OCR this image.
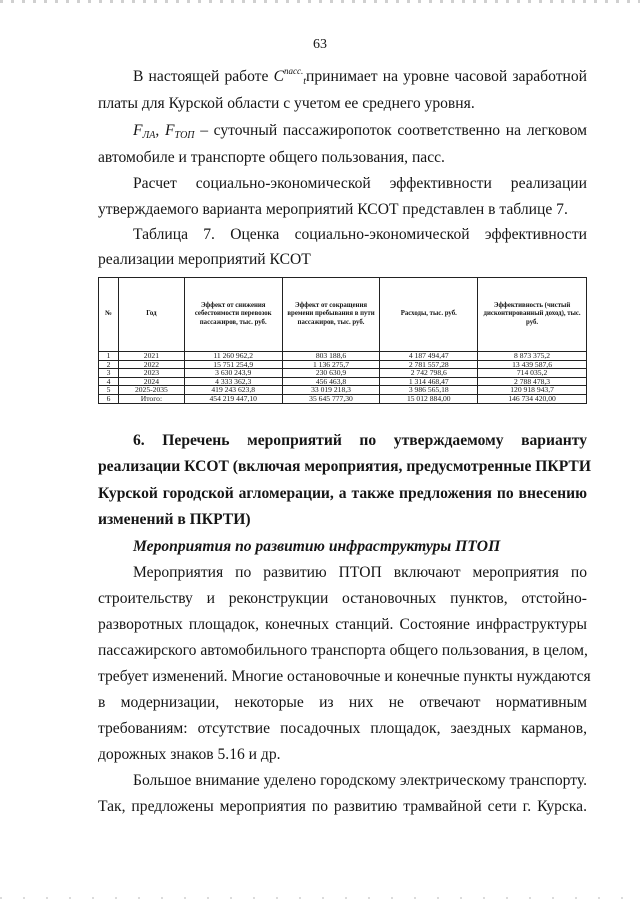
63
В настоящей работе $C^{пасс.}_tпринимает$ на уровне часовой заработной
платы для Курской области с учетом ее среднего уровня.
$F_{ЛА}$, $F_{ТОП}$ – суточный пассажиропоток соответственно на легковом
автомобиле и транспорте общего пользования, пасс.
Расчет социально-экономической эффективности реализации
утверждаемого варианта мероприятий КСОТ представлен в таблице 7.
Таблица 7. Оценка социально-экономической эффективности
реализации мероприятий КСОТ
№	Год	Эффект от снижения себестоимости перевозок пассажиров, тыс. руб.	Эффект от сокращения времени пребывания в пути пассажиров, тыс. руб.	Расходы, тыс. руб.	Эффективность (чистый дисконтированный доход), тыс. руб.
1	2021	11 260 962,2	803 188,6	4 187 494,47	8 873 375,2
2	2022	15 751 254,9	1 136 275,7	2 781 557,28	13 439 587,6
3	2023	3 630 243,9	230 630,9	2 742 798,6	714 035,2
4	2024	4 333 362,3	456 463,8	1 314 468,47	2 788 478,3
5	2025-2035	419 243 623,8	33 019 218,3	3 986 565,18	120 918 943,7
6	Итого:	454 219 447,10	35 645 777,30	15 012 884,00	146 734 420,00
6. Перечень мероприятий по утверждаемому варианту
реализации КСОТ (включая мероприятия, предусмотренные ПКРТИ
Курской городской агломерации, а также предложения по внесению
изменений в ПКРТИ)
Мероприятия по развитию инфраструктуры ПТОП
Мероприятия по развитию ПТОП включают мероприятия по
строительству и реконструкции остановочных пунктов, отстойно-
разворотных площадок, конечных станций. Состояние инфраструктуры
пассажирского автомобильного транспорта общего пользования, в целом,
требует изменений. Многие остановочные и конечные пункты нуждаются
в модернизации, некоторые из них не отвечают нормативным
требованиям: отсутствие посадочных площадок, заездных карманов,
дорожных знаков 5.16 и др.
Большое внимание уделено городскому электрическому транспорту.
Так, предложены мероприятия по развитию трамвайной сети г. Курска.
